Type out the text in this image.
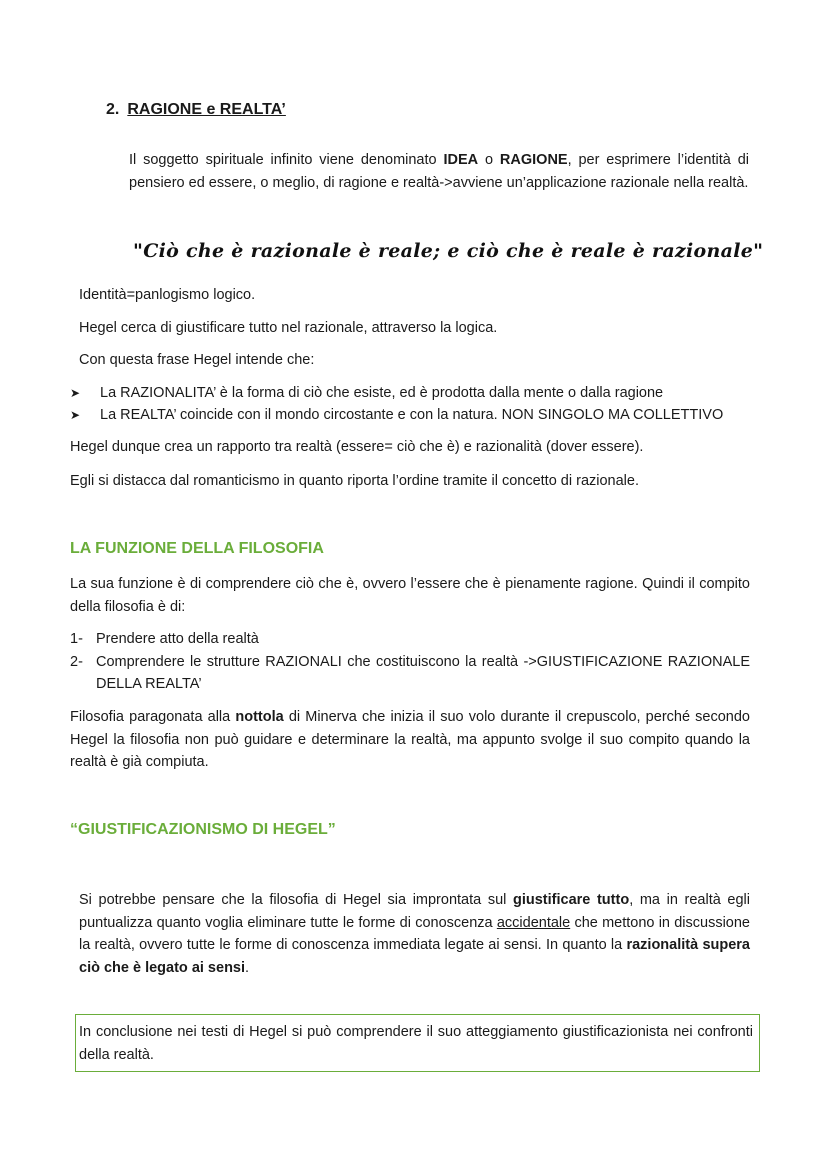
2. RAGIONE e REALTA’

Il soggetto spirituale infinito viene denominato IDEA o RAGIONE, per esprimere l’identità di pensiero ed essere, o meglio, di ragione e realtà->avviene un’applicazione razionale nella realtà.

"Ciò che è razionale è reale; e ciò che è reale è razionale"

Identità=panlogismo logico.

Hegel cerca di giustificare tutto nel razionale, attraverso la logica.

Con questa frase Hegel intende che:

➤	La RAZIONALITA’ è la forma di ciò che esiste, ed è prodotta dalla mente o dalla ragione
➤	La REALTA’ coincide con il mondo circostante e con la natura. NON SINGOLO MA COLLETTIVO

Hegel dunque crea un rapporto tra realtà (essere= ciò che è) e razionalità (dover essere).

Egli si distacca dal romanticismo in quanto riporta l’ordine tramite il concetto di razionale.

LA FUNZIONE DELLA FILOSOFIA

La sua funzione è di comprendere ciò che è, ovvero l’essere che è pienamente ragione. Quindi il compito della filosofia è di:

1- Prendere atto della realtà
2- Comprendere le strutture RAZIONALI che costituiscono la realtà ->GIUSTIFICAZIONE RAZIONALE DELLA REALTA’

Filosofia paragonata alla nottola di Minerva che inizia il suo volo durante il crepuscolo, perché secondo Hegel la filosofia non può guidare e determinare la realtà, ma appunto svolge il suo compito quando la realtà è già compiuta.

“GIUSTIFICAZIONISMO DI HEGEL”

Si potrebbe pensare che la filosofia di Hegel sia improntata sul giustificare tutto, ma in realtà egli puntualizza quanto voglia eliminare tutte le forme di conoscenza accidentale che mettono in discussione la realtà, ovvero tutte le forme di conoscenza immediata legate ai sensi. In quanto la razionalità supera ciò che è legato ai sensi.

In conclusione nei testi di Hegel si può comprendere il suo atteggiamento giustificazionista nei confronti della realtà.
